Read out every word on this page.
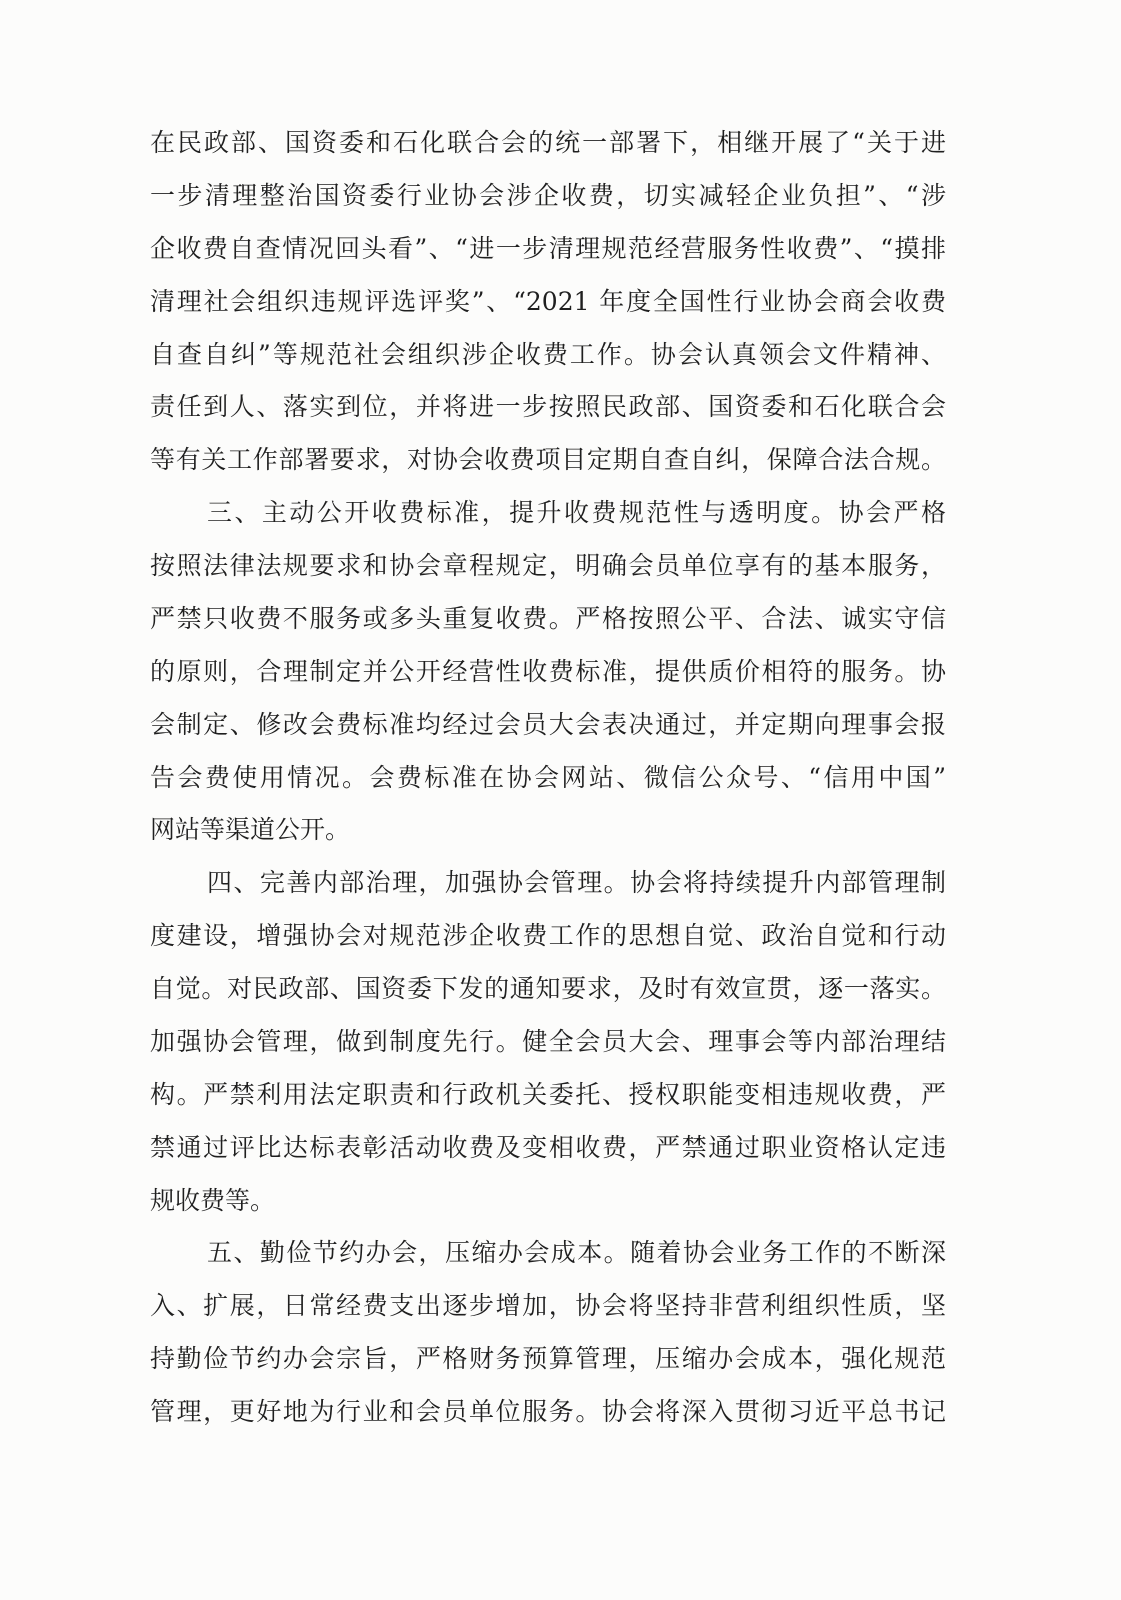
在民政部、国资委和石化联合会的统一部署下，相继开展了“关于进
一步清理整治国资委行业协会涉企收费，切实减轻企业负担”、“涉
企收费自查情况回头看”、“进一步清理规范经营服务性收费”、“摸排
清理社会组织违规评选评奖”、“2021 年度全国性行业协会商会收费
自查自纠”等规范社会组织涉企收费工作。协会认真领会文件精神、
责任到人、落实到位，并将进一步按照民政部、国资委和石化联合会
等有关工作部署要求，对协会收费项目定期自查自纠，保障合法合规。
三、主动公开收费标准，提升收费规范性与透明度。协会严格
按照法律法规要求和协会章程规定，明确会员单位享有的基本服务，
严禁只收费不服务或多头重复收费。严格按照公平、合法、诚实守信
的原则，合理制定并公开经营性收费标准，提供质价相符的服务。协
会制定、修改会费标准均经过会员大会表决通过，并定期向理事会报
告会费使用情况。会费标准在协会网站、微信公众号、“信用中国”
网站等渠道公开。
四、完善内部治理，加强协会管理。协会将持续提升内部管理制
度建设，增强协会对规范涉企收费工作的思想自觉、政治自觉和行动
自觉。对民政部、国资委下发的通知要求，及时有效宣贯，逐一落实。
加强协会管理，做到制度先行。健全会员大会、理事会等内部治理结
构。严禁利用法定职责和行政机关委托、授权职能变相违规收费，严
禁通过评比达标表彰活动收费及变相收费，严禁通过职业资格认定违
规收费等。
五、勤俭节约办会，压缩办会成本。随着协会业务工作的不断深
入、扩展，日常经费支出逐步增加，协会将坚持非营利组织性质，坚
持勤俭节约办会宗旨，严格财务预算管理，压缩办会成本，强化规范
管理，更好地为行业和会员单位服务。协会将深入贯彻习近平总书记
